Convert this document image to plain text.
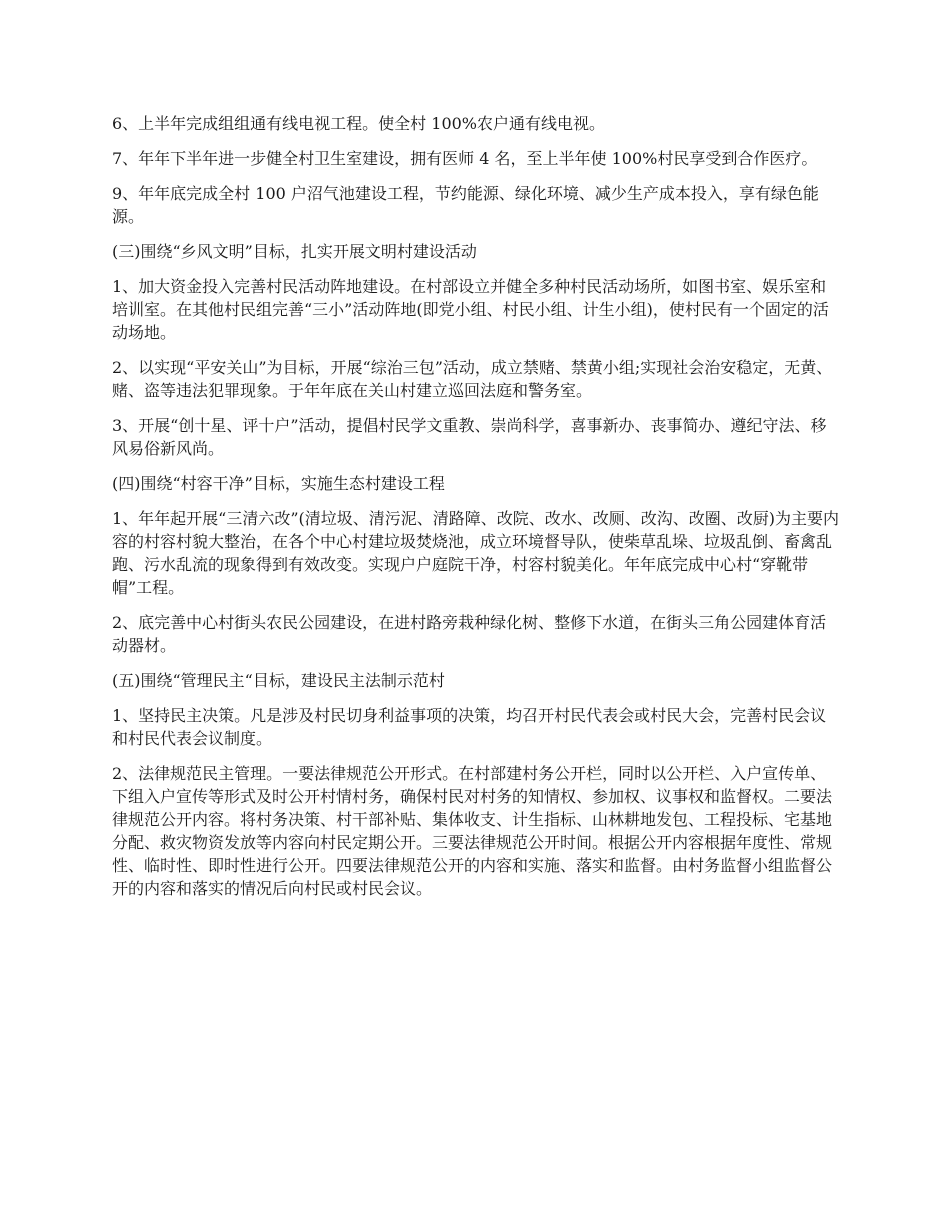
6、上半年完成组组通有线电视工程。使全村 100%农户通有线电视。

7、年年下半年进一步健全村卫生室建设，拥有医师 4 名，至上半年使 100%村民享受到合作医疗。

9、年年底完成全村 100 户沼气池建设工程，节约能源、绿化环境、减少生产成本投入，享有绿色能源。

(三)围绕“乡风文明”目标，扎实开展文明村建设活动

1、加大资金投入完善村民活动阵地建设。在村部设立并健全多种村民活动场所，如图书室、娱乐室和培训室。在其他村民组完善“三小”活动阵地(即党小组、村民小组、计生小组)，使村民有一个固定的活动场地。

2、以实现“平安关山”为目标，开展“综治三包”活动，成立禁赌、禁黄小组;实现社会治安稳定，无黄、赌、盗等违法犯罪现象。于年年底在关山村建立巡回法庭和警务室。

3、开展“创十星、评十户”活动，提倡村民学文重教、崇尚科学，喜事新办、丧事简办、遵纪守法、移风易俗新风尚。

(四)围绕“村容干净”目标，实施生态村建设工程

1、年年起开展“三清六改”(清垃圾、清污泥、清路障、改院、改水、改厕、改沟、改圈、改厨)为主要内容的村容村貌大整治，在各个中心村建垃圾焚烧池，成立环境督导队，使柴草乱垛、垃圾乱倒、畜禽乱跑、污水乱流的现象得到有效改变。实现户户庭院干净，村容村貌美化。年年底完成中心村“穿靴带帽”工程。

2、底完善中心村街头农民公园建设，在进村路旁栽种绿化树、整修下水道，在街头三角公园建体育活动器材。

(五)围绕“管理民主“目标，建设民主法制示范村

1、坚持民主决策。凡是涉及村民切身利益事项的决策，均召开村民代表会或村民大会，完善村民会议和村民代表会议制度。

2、法律规范民主管理。一要法律规范公开形式。在村部建村务公开栏，同时以公开栏、入户宣传单、下组入户宣传等形式及时公开村情村务，确保村民对村务的知情权、参加权、议事权和监督权。二要法律规范公开内容。将村务决策、村干部补贴、集体收支、计生指标、山林耕地发包、工程投标、宅基地分配、救灾物资发放等内容向村民定期公开。三要法律规范公开时间。根据公开内容根据年度性、常规性、临时性、即时性进行公开。四要法律规范公开的内容和实施、落实和监督。由村务监督小组监督公开的内容和落实的情况后向村民或村民会议。
